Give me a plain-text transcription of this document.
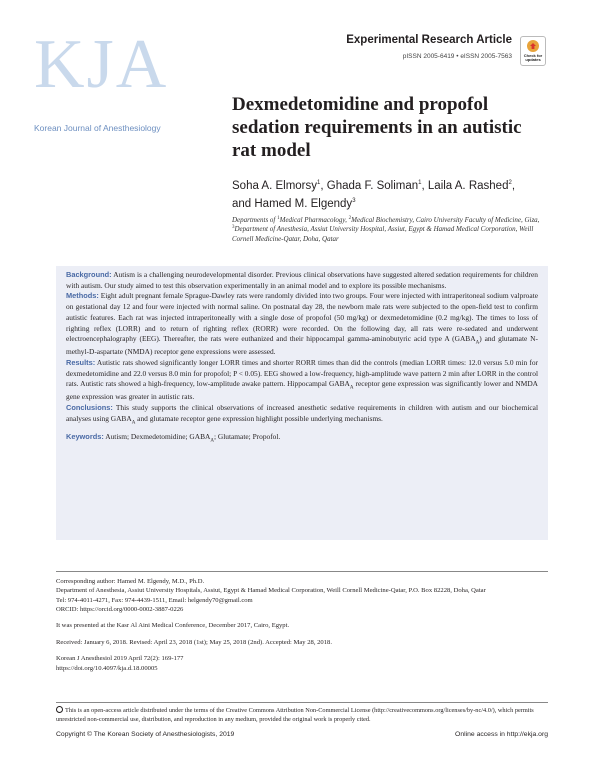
KJA
Korean Journal of Anesthesiology
Experimental Research Article
pISSN 2005-6419 • eISSN 2005-7563	Check for updates
Dexmedetomidine and propofol sedation requirements in an autistic rat model
Soha A. Elmorsy$^1$, Ghada F. Soliman$^1$, Laila A. Rashed$^2$,
and Hamed M. Elgendy$^3$
Departments of $^1$Medical Pharmacology, $^2$Medical Biochemistry, Cairo University Faculty of Medicine, Giza, $^3$Department of Anesthesia, Assiut University Hospital, Assiut, Egypt & Hamad Medical Corporation, Weill Cornell Medicine-Qatar, Doha, Qatar

Background: Autism is a challenging neurodevelopmental disorder. Previous clinical observations have suggested altered sedation requirements for children with autism. Our study aimed to test this observation experimentally in an animal model and to explore its possible mechanisms.

Methods: Eight adult pregnant female Sprague-Dawley rats were randomly divided into two groups. Four were injected with intraperitoneal sodium valproate on gestational day 12 and four were injected with normal saline. On postnatal day 28, the newborn male rats were subjected to the open-field test to confirm autistic features. Each rat was injected intraperitoneally with a single dose of propofol (50 mg/kg) or dexmedetomidine (0.2 mg/kg). The times to loss of righting reflex (LORR) and to return of righting reflex (RORR) were recorded. On the following day, all rats were re-sedated and underwent electroencephalography (EEG). Thereafter, the rats were euthanized and their hippocampal gamma-aminobutyric acid type A $(GABA_A)$ and glutamate N-methyl-D-aspartate (NMDA) receptor gene expressions were assessed.

Results: Autistic rats showed significantly longer LORR times and shorter RORR times than did the controls (median LORR times: 12.0 versus 5.0 min for dexmedetomidine and 22.0 versus 8.0 min for propofol; P < 0.05). EEG showed a low-frequency, high-amplitude wave pattern 2 min after LORR in the control rats. Autistic rats showed a high-frequency, low-amplitude awake pattern. Hippocampal $GABA_A$ receptor gene expression was significantly lower and NMDA gene expression was greater in autistic rats.

Conclusions: This study supports the clinical observations of increased anesthetic sedative requirements in children with autism and our biochemical analyses using $GABA_A$ and glutamate receptor gene expression highlight possible underlying mechanisms.

Keywords: Autism; Dexmedetomidine; $GABA_A$; Glutamate; Propofol.

Corresponding author: Hamed M. Elgendy, M.D., Ph.D.

Department of Anesthesia, Assiut University Hospitals, Assiut, Egypt & Hamad Medical Corporation, Weill Cornell Medicine-Qatar, P.O. Box 82228, Doha, Qatar

Tel: 974-4011-4271, Fax: 974-4439-1511, Email: helgendy70@gmail.com

ORCID: https://orcid.org/0000-0002-3887-0226

It was presented at the Kasr Al Aini Medical Conference, December 2017, Cairo, Egypt.

Received: January 6, 2018. Revised: April 23, 2018 (1st); May 25, 2018 (2nd). Accepted: May 28, 2018.

Korean J Anesthesiol 2019 April 72(2): 169-177

https://doi.org/10.4097/kja.d.18.00005

This is an open-access article distributed under the terms of the Creative Commons Attribution Non-Commercial License (http://creativecommons.org/licenses/by-nc/4.0/), which permits unrestricted non-commercial use, distribution, and reproduction in any medium, provided the original work is properly cited.
Copyright © The Korean Society of Anesthesiologists, 2019	Online access in http://ekja.org
